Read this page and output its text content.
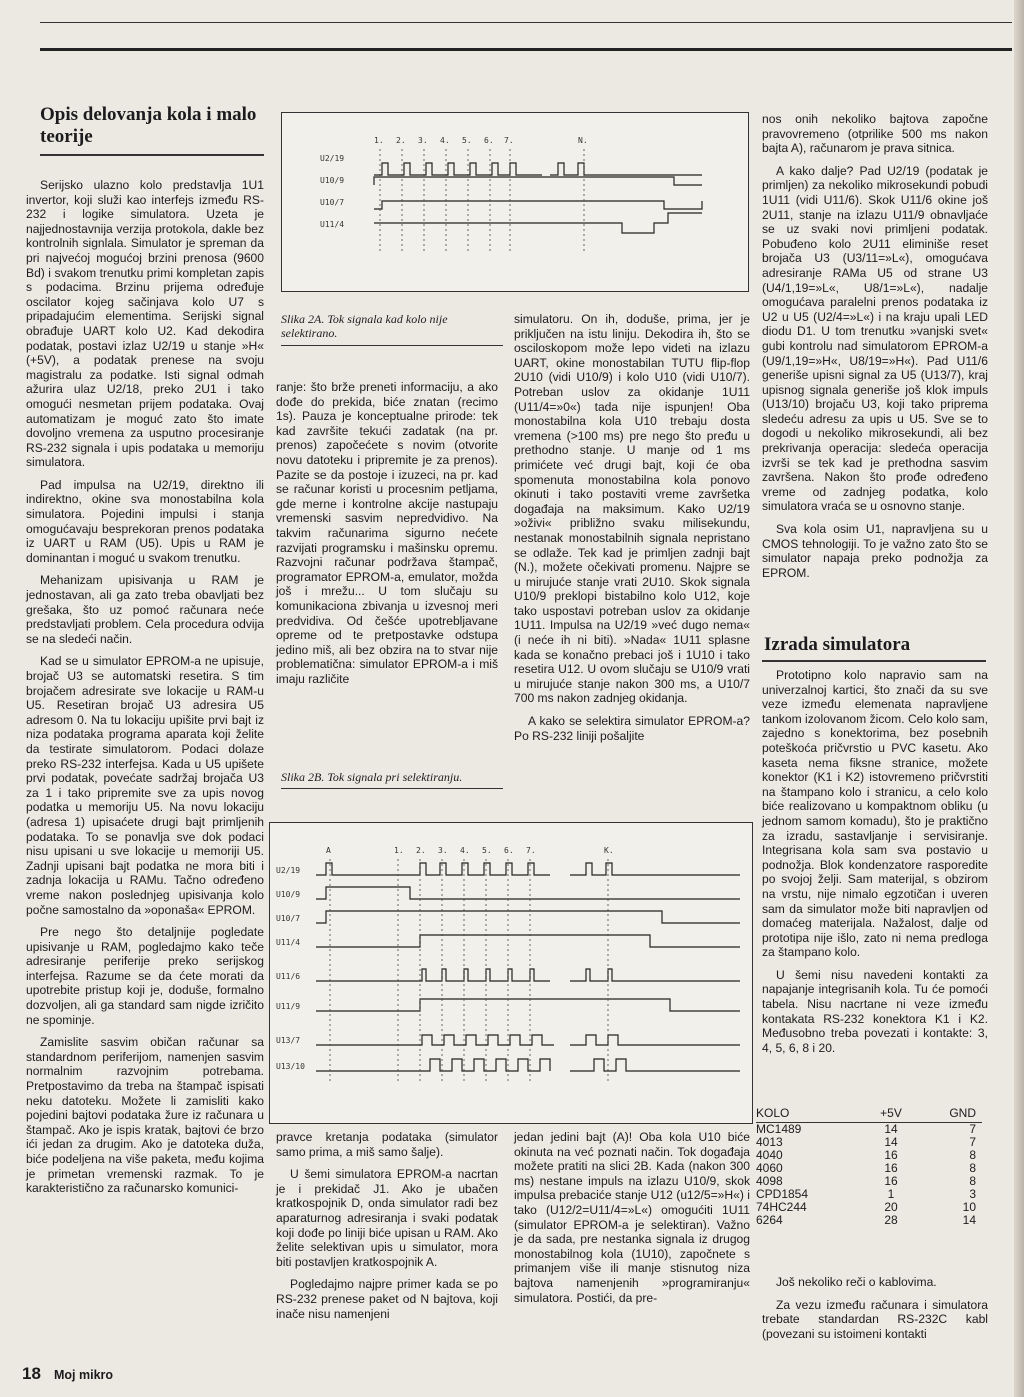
Opis delovanja kola i malo teorije

Serijsko ulazno kolo predstavlja 1U1 invertor, koji služi kao interfejs između RS-232 i logike simulatora. Uzeta je najjednostavnija verzija protokola, dakle bez kontrolnih signlala. Simulator je spreman da pri najvećoj mogućoj brzini prenosa (9600 Bd) i svakom trenutku primi kompletan zapis s podacima. Brzinu prijema određuje oscilator kojeg sačinjava kolo U7 s pripadajućim elementima. Serijski signal obrađuje UART kolo U2. Kad dekodira podatak, postavi izlaz U2/19 u stanje »H« (+5V), a podatak prenese na svoju magistralu za podatke. Isti signal odmah ažurira ulaz U2/18, preko 2U1 i tako omogući nesmetan prijem podataka. Ovaj automatizam je moguć zato što imate dovoljno vremena za usputno procesiranje RS-232 signala i upis podataka u memoriju simulatora.

Pad impulsa na U2/19, direktno ili indirektno, okine sva monostabilna kola simulatora. Pojedini impulsi i stanja omogućavaju besprekoran prenos podataka iz UART u RAM (U5). Upis u RAM je dominantan i moguć u svakom trenutku.

Mehanizam upisivanja u RAM je jednostavan, ali ga zato treba obavljati bez grešaka, što uz pomoć računara neće predstavljati problem. Cela procedura odvija se na sledeći način.

Kad se u simulator EPROM-a ne upisuje, brojač U3 se automatski resetira. S tim brojačem adresirate sve lokacije u RAM-u U5. Resetiran brojač U3 adresira U5 adresom 0. Na tu lokaciju upišite prvi bajt iz niza podataka programa aparata koji želite da testirate simulatorom. Podaci dolaze preko RS-232 interfejsa. Kada u U5 upišete prvi podatak, povećate sadržaj brojača U3 za 1 i tako pripremite sve za upis novog podatka u memoriju U5. Na novu lokaciju (adresa 1) upisaćete drugi bajt primljenih podataka. To se ponavlja sve dok podaci nisu upisani u sve lokacije u memoriji U5. Zadnji upisani bajt podatka ne mora biti i zadnja lokacija u RAMu. Tačno određeno vreme nakon poslednjeg upisivanja kolo počne samostalno da »oponaša« EPROM.

Pre nego što detaljnije pogledate upisivanje u RAM, pogledajmo kako teče adresiranje periferije preko serijskog interfejsa. Razume se da ćete morati da upotrebite pristup koji je, doduše, formalno dozvoljen, ali ga standard sam nigde izričito ne spominje.

Zamislite sasvim običan računar sa standardnom periferijom, namenjen sasvim normalnim razvojnim potrebama. Pretpostavimo da treba na štampač ispisati neku datoteku. Možete li zamisliti kako pojedini bajtovi podataka žure iz računara u štampač. Ako je ispis kratak, bajtovi će brzo ići jedan za drugim. Ako je datoteka duža, biće podeljena na više paketa, među kojima je primetan vremenski razmak. To je karakteristično za računarsko komunici-

1. 2. 3. 4. 5. 6. 7.	N.
U2/19
U10/9
U10/7
U11/4
Slika 2A. Tok signala kad kolo nije selektirano.

ranje: što brže preneti informaciju, a ako dođe do prekida, biće znatan (recimo 1s). Pauza je konceptualne prirode: tek kad završite tekući zadatak (na pr. prenos) započećete s novim (otvorite novu datoteku i pripremite je za prenos). Pazite se da postoje i izuzeci, na pr. kad se računar koristi u procesnim petljama, gde merne i kontrolne akcije nastupaju vremenski sasvim nepredvidivo. Na takvim računarima sigurno nećete razvijati programsku i mašinsku opremu. Razvojni računar podržava štampač, programator EPROM-a, emulator, možda još i mrežu... U tom slučaju su komunikaciona zbivanja u izvesnoj meri predvidiva. Od češće upotrebljavane opreme od te pretpostavke odstupa jedino miš, ali bez obzira na to stvar nije problematična: simulator EPROM-a i miš imaju različite

Slika 2B. Tok signala pri selektiranju.
A	1. 2. 3. 4. 5. 6. 7.	K.
U2/19
U10/9
U10/7
U11/4
U11/6
U11/9
U13/7
U13/10

pravce kretanja podataka (simulator samo prima, a miš samo šalje).

U šemi simulatora EPROM-a nacrtan je i prekidač J1. Ako je ubačen kratkospojnik D, onda simulator radi bez aparaturnog adresiranja i svaki podatak koji dođe po liniji biće upisan u RAM. Ako želite selektivan upis u simulator, mora biti postavljen kratkospojnik A.

Pogledajmo najpre primer kada se po RS-232 prenese paket od N bajtova, koji inače nisu namenjeni

simulatoru. On ih, doduše, prima, jer je priključen na istu liniju. Dekodira ih, što se osciloskopom može lepo videti na izlazu UART, okine monostabilan TUTU flip-flop 2U10 (vidi U10/9) i kolo U10 (vidi U10/7). Potreban uslov za okidanje 1U11 (U11/4=»0«) tada nije ispunjen! Oba monostabilna kola U10 trebaju dosta vremena (>100 ms) pre nego što pređu u prethodno stanje. U manje od 1 ms primićete već drugi bajt, koji će oba spomenuta monostabilna kola ponovo okinuti i tako postaviti vreme završetka događaja na maksimum. Kako U2/19 »oživi« približno svaku milisekundu, nestanak monostabilnih signala nepristano se odlaže. Tek kad je primljen zadnji bajt (N.), možete očekivati promenu. Najpre se u mirujuće stanje vrati 2U10. Skok signala U10/9 preklopi bistabilno kolo U12, koje tako uspostavi potreban uslov za okidanje 1U11. Impulsa na U2/19 »već dugo nema« (i neće ih ni biti). »Nada« 1U11 splasne kada se konačno prebaci još i 1U10 i tako resetira U12. U ovom slučaju se U10/9 vrati u mirujuće stanje nakon 300 ms, a U10/7 700 ms nakon zadnjeg okidanja.

A kako se selektira simulator EPROM-a? Po RS-232 liniji pošaljite

jedan jedini bajt (A)! Oba kola U10 biće okinuta na već poznati način. Tok događaja možete pratiti na slici 2B. Kada (nakon 300 ms) nestane impuls na izlazu U10/9, skok impulsa prebaciće stanje U12 (u12/5=»H«) i tako (U12/2=U11/4=»L«) omogućiti 1U11 (simulator EPROM-a je selektiran). Važno je da sada, pre nestanka signala iz drugog monostabilnog kola (1U10), započnete s primanjem više ili manje stisnutog niza bajtova namenjenih »programiranju« simulatora. Postići, da pre-

nos onih nekoliko bajtova započne pravovremeno (otprilike 500 ms nakon bajta A), računarom je prava sitnica.

A kako dalje? Pad U2/19 (podatak je primljen) za nekoliko mikrosekundi pobudi 1U11 (vidi U11/6). Skok U11/6 okine još 2U11, stanje na izlazu U11/9 obnavljaće se uz svaki novi primljeni podatak. Pobuđeno kolo 2U11 eliminiše reset brojača U3 (U3/11=»L«), omogućava adresiranje RAMa U5 od strane U3 (U4/1,19=»L«, U8/1=»L«), nadalje omogućava paralelni prenos podataka iz U2 u U5 (U2/4=»L«) i na kraju upali LED diodu D1. U tom trenutku »vanjski svet« gubi kontrolu nad simulatorom EPROM-a (U9/1,19=»H«, U8/19=»H«). Pad U11/6 generiše upisni signal za U5 (U13/7), kraj upisnog signala generiše još klok impuls (U13/10) brojaču U3, koji tako pripremа sledeću adresu za upis u U5. Sve se to dogodi u nekoliko mikrosekundi, ali bez prekrivanja operacija: sledeća operacija izvrši se tek kad je prethodna sasvim završena. Nakon što prođe određeno vreme od zadnjeg podatka, kolo simulatora vraća se u osnovno stanje.

Sva kola osim U1, napravljena su u CMOS tehnologiji. To je važno zato što se simulator napaja preko podnožja za EPROM.

Izrada simulatora

Prototipno kolo napravio sam na univerzalnoj kartici, što znači da su sve veze između elemenata napravljene tankom izolovanom žicom. Celo kolo sam, zajedno s konektorima, bez posebnih poteškoća pričvrstio u PVC kasetu. Ako kaseta nema fiksne stranice, možete konektor (K1 i K2) istovremeno pričvrstiti na štampano kolo i stranicu, a celo kolo biće realizovano u kompaktnom obliku (u jednom samom komadu), što je praktično za izradu, sastavljanje i servisiranje. Integrisana kola sam sva postavio u podnožja. Blok kondenzatore rasporedite po svojoj želji. Sam materijal, s obzirom na vrstu, nije nimalo egzotičan i uveren sam da simulator može biti napravljen od domaćeg materijala. Nažalost, dalje od prototipa nije išlo, zato ni nema predloga za štampano kolo.

U šemi nisu navedeni kontakti za napajanje integrisanih kola. Tu će pomoći tabela. Nisu nacrtane ni veze između kontakata RS-232 konektora K1 i K2. Međusobno treba povezati i kontakte: 3, 4, 5, 6, 8 i 20.

KOLO	+5V	GND
MC1489	14	7
4013	14	7
4040	16	8
4060	16	8
4098	16	8
CPD1854	1	3
74HC244	20	10
6264	28	14

Još nekoliko reči o kablovima.

Za vezu između računara i simulatora trebate standardan RS-232C kabl (povezani su istoimeni kontakti

18 Moj mikro
